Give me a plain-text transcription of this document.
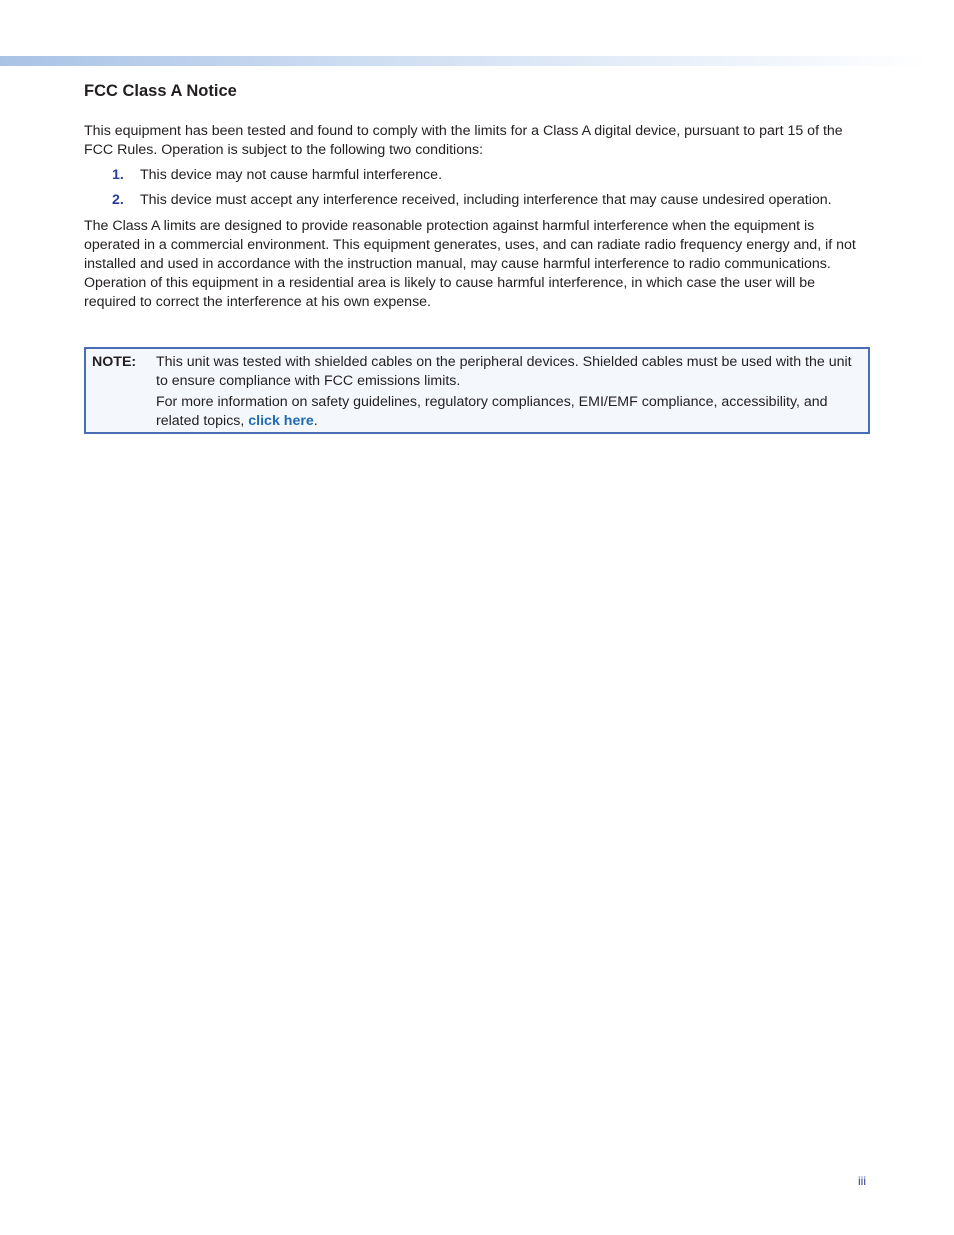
FCC Class A Notice

This equipment has been tested and found to comply with the limits for a Class A digital device, pursuant to part 15 of the FCC Rules. Operation is subject to the following two conditions:

1.	This device may not cause harmful interference.
2.	This device must accept any interference received, including interference that may cause undesired operation.

The Class A limits are designed to provide reasonable protection against harmful interference when the equipment is operated in a commercial environment. This equipment generates, uses, and can radiate radio frequency energy and, if not installed and used in accordance with the instruction manual, may cause harmful interference to radio communications. Operation of this equipment in a residential area is likely to cause harmful interference, in which case the user will be required to correct the interference at his own expense.

NOTE:	This unit was tested with shielded cables on the peripheral devices. Shielded cables must be used with the unit to ensure compliance with FCC emissions limits.

For more information on safety guidelines, regulatory compliances, EMI/EMF compliance, accessibility, and related topics, click here.

iii
